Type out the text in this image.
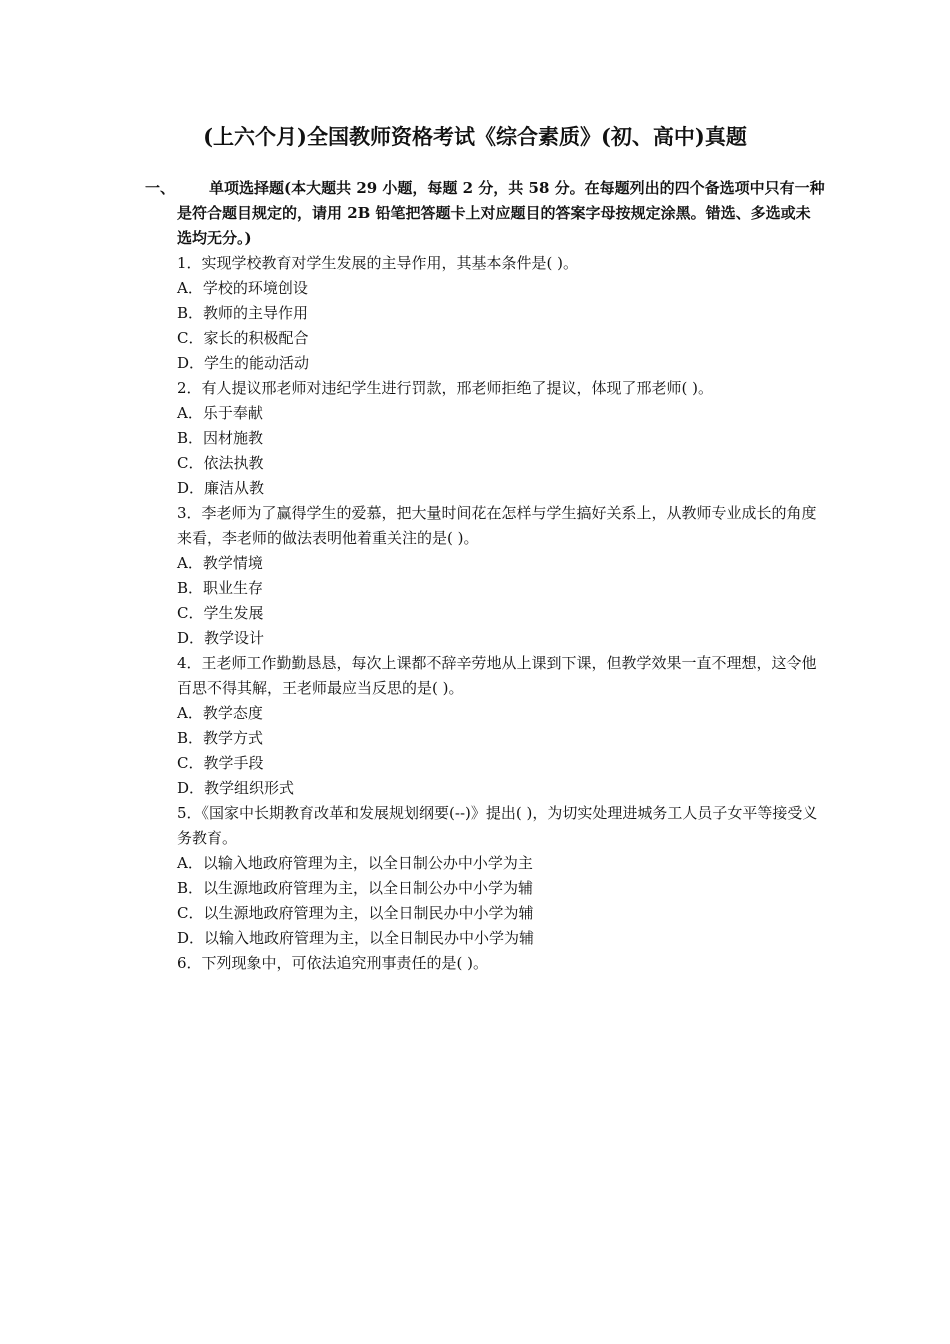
(上六个月)全国教师资格考试《综合素质》(初、高中)真题
一、	单项选择题(本大题共 29 小题，每题 2 分，共 58 分。在每题列出的四个备选项中只有一种是符合题目规定的，请用 2B 铅笔把答题卡上对应题目的答案字母按规定涂黑。错选、多选或未选均无分。)
1．实现学校教育对学生发展的主导作用，其基本条件是( )。
A．学校的环境创设
B．教师的主导作用
C．家长的积极配合
D．学生的能动活动
2．有人提议邢老师对违纪学生进行罚款，邢老师拒绝了提议，体现了邢老师( )。
A．乐于奉献
B．因材施教
C．依法执教
D．廉洁从教
3．李老师为了赢得学生的爱慕，把大量时间花在怎样与学生搞好关系上，从教师专业成长的角度来看，李老师的做法表明他着重关注的是( )。
A．教学情境
B．职业生存
C．学生发展
D．教学设计
4．王老师工作勤勤恳恳，每次上课都不辞辛劳地从上课到下课，但教学效果一直不理想，这令他百思不得其解，王老师最应当反思的是( )。
A．教学态度
B．教学方式
C．教学手段
D．教学组织形式
5．《国家中长期教育改革和发展规划纲要(--)》提出( )，为切实处理进城务工人员子女平等接受义务教育。
A．以输入地政府管理为主，以全日制公办中小学为主
B．以生源地政府管理为主，以全日制公办中小学为辅
C．以生源地政府管理为主，以全日制民办中小学为辅
D．以输入地政府管理为主，以全日制民办中小学为辅
6．下列现象中，可依法追究刑事责任的是( )。
